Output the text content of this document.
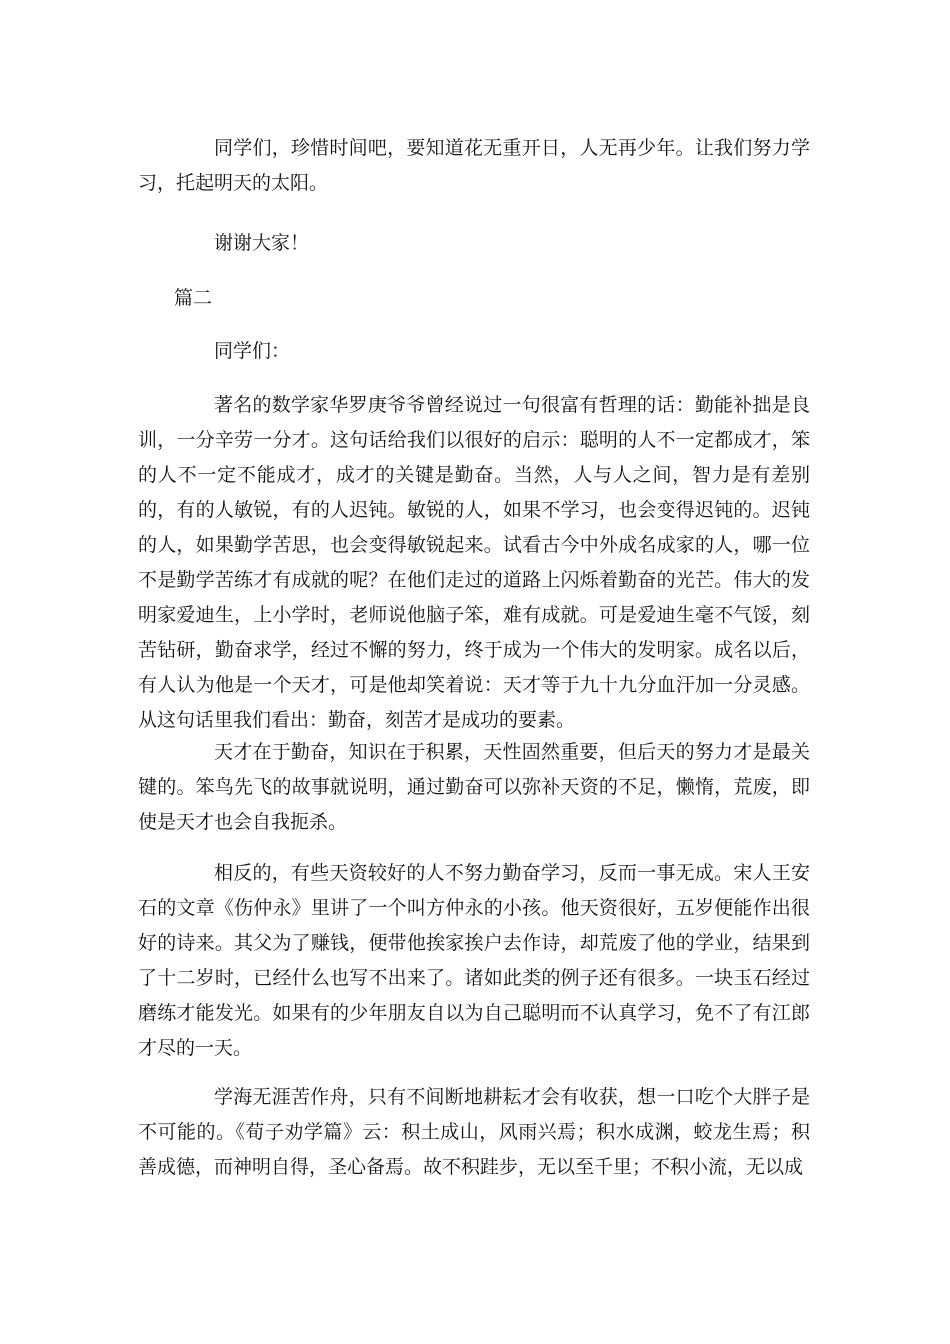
同学们，珍惜时间吧，要知道花无重开日，人无再少年。让我们努力学习，托起明天的太阳。

谢谢大家！

篇二

同学们：

著名的数学家华罗庚爷爷曾经说过一句很富有哲理的话：勤能补拙是良训，一分辛劳一分才。这句话给我们以很好的启示：聪明的人不一定都成才，笨的人不一定不能成才，成才的关键是勤奋。当然，人与人之间，智力是有差别的，有的人敏锐，有的人迟钝。敏锐的人，如果不学习，也会变得迟钝的。迟钝的人，如果勤学苦思，也会变得敏锐起来。试看古今中外成名成家的人，哪一位不是勤学苦练才有成就的呢？在他们走过的道路上闪烁着勤奋的光芒。伟大的发明家爱迪生，上小学时，老师说他脑子笨，难有成就。可是爱迪生毫不气馁，刻苦钻研，勤奋求学，经过不懈的努力，终于成为一个伟大的发明家。成名以后，有人认为他是一个天才，可是他却笑着说：天才等于九十九分血汗加一分灵感。从这句话里我们看出：勤奋，刻苦才是成功的要素。

天才在于勤奋，知识在于积累，天性固然重要，但后天的努力才是最关键的。笨鸟先飞的故事就说明，通过勤奋可以弥补天资的不足，懒惰，荒废，即使是天才也会自我扼杀。

相反的，有些天资较好的人不努力勤奋学习，反而一事无成。宋人王安石的文章《伤仲永》里讲了一个叫方仲永的小孩。他天资很好，五岁便能作出很好的诗来。其父为了赚钱，便带他挨家挨户去作诗，却荒废了他的学业，结果到了十二岁时，已经什么也写不出来了。诸如此类的例子还有很多。一块玉石经过磨练才能发光。如果有的少年朋友自以为自己聪明而不认真学习，免不了有江郎才尽的一天。

学海无涯苦作舟，只有不间断地耕耘才会有收获，想一口吃个大胖子是不可能的。《荀子劝学篇》云：积土成山，风雨兴焉；积水成渊，蛟龙生焉；积善成德，而神明自得，圣心备焉。故不积跬步，无以至千里；不积小流，无以成
